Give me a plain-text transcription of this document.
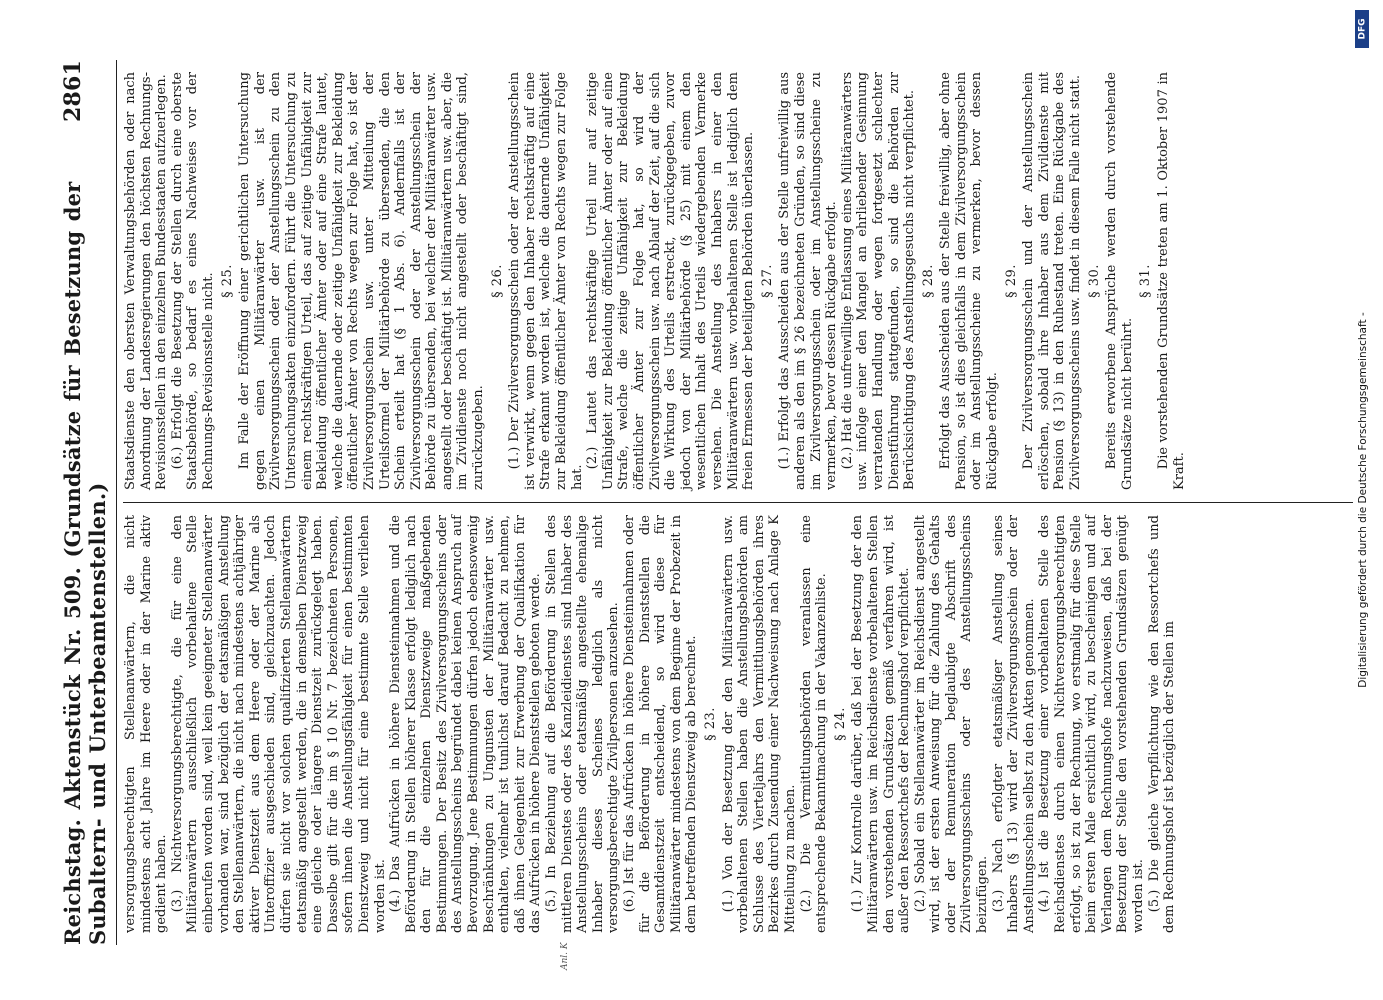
Reichstag. Aktenstück Nr. 509. (Grundsätze für Besetzung der Subaltern- und Unterbeamtenstellen.)
2861

versorgungsberechtigten Stellenanwärtern, die nicht mindestens acht Jahre im Heere oder in der Marine aktiv gedient haben. (3.) Nichtversorgungsberechtigte, die für eine den Militäranwärtern ausschließlich vorbehaltene Stelle einberufen worden sind, weil kein geeigneter Stellenanwärter vorhanden war, sind bezüglich der etatsmäßigen Anstellung den Stellenanwärtern, die nicht nach mindestens achtjähriger aktiver Dienstzeit aus dem Heere oder der Marine als Unteroffizier ausgeschieden sind, gleichzuachten. Jedoch dürfen sie nicht vor solchen qualifizierten Stellenanwärtern etatsmäßig angestellt werden, die in demselben Dienstzweig eine gleiche oder längere Dienstzeit zurückgelegt haben. Dasselbe gilt für die im § 10 Nr. 7 bezeichneten Personen, sofern ihnen die Anstellungsfähigkeit für einen bestimmten Dienstzweig und nicht für eine bestimmte Stelle verliehen worden ist. (4.) Das Aufrücken in höhere Diensteinnahmen und die Beförderung in Stellen höherer Klasse erfolgt lediglich nach den für die einzelnen Dienstzweige maßgebenden Bestimmungen. Der Besitz des Zivilversorgungsscheins oder des Anstellungsscheins begründet dabei keinen Anspruch auf Bevorzugung. Jene Bestimmungen dürfen jedoch ebensowenig Beschränkungen zu Ungunsten der Militäranwärter usw. enthalten, vielmehr ist tunlichst darauf Bedacht zu nehmen, daß ihnen Gelegenheit zur Erwerbung der Qualifikation für das Aufrücken in höhere Dienststellen geboten werde. (5.) In Beziehung auf die Beförderung in Stellen des mittleren Dienstes oder des Kanzleidienstes sind Inhaber des Anstellungsscheins oder etatsmäßig angestellte ehemalige Inhaber dieses Scheines lediglich als nicht versorgungsberechtigte Zivilpersonen anzusehen. (6.) Ist für das Aufrücken in höhere Diensteinnahmen oder für die Beförderung in höhere Dienststellen die Gesamtdienstzeit entscheidend, so wird diese für Militäranwärter mindestens von dem Beginne der Probezeit in dem betreffenden Dienstzweig ab berechnet. § 23. (1.) Von der Besetzung der den Militäranwärtern usw. vorbehaltenen Stellen haben die Anstellungsbehörden am Schlusse des Vierteljahrs den Vermittlungsbehörden ihres Bezirkes durch Zusendung einer Nachweisung nach Anlage K Mitteilung zu machen. (2.) Die Vermittlungsbehörden veranlassen eine entsprechende Bekanntmachung in der Vakanzenliste. § 24. (1.) Zur Kontrolle darüber, daß bei der Besetzung der den Militäranwärtern usw. im Reichsdienste vorbehaltenen Stellen den vorstehenden Grundsätzen gemäß verfahren wird, ist außer den Ressortchefs der Rechnungshof verpflichtet. (2.) Sobald ein Stellenanwärter im Reichsdienst angestellt wird, ist der ersten Anweisung für die Zahlung des Gehalts oder der Remuneration beglaubigte Abschrift des Zivilversorgungsscheins oder des Anstellungsscheins beizufügen. (3.) Nach erfolgter etatsmäßiger Anstellung seines Inhabers (§ 13) wird der Zivilversorgungsschein oder der Anstellungsschein selbst zu den Akten genommen. (4.) Ist die Besetzung einer vorbehaltenen Stelle des Reichsdienstes durch einen Nichtversorgungsberechtigten erfolgt, so ist zu der Rechnung, wo erstmalig für diese Stelle beim ersten Male ersichtlich wird, zu bescheinigen und auf Verlangen dem Rechnungshofe nachzuweisen, daß bei der Besetzung der Stelle den vorstehenden Grundsätzen genügt worden ist. (5.) Die gleiche Verpflichtung wie den Ressortchefs und dem Rechnungshof ist bezüglich der Stellen im

Staatsdienste den obersten Verwaltungsbehörden oder nach Anordnung der Landesregierungen den höchsten Rechnungs-Revisionsstellen in den einzelnen Bundesstaaten aufzuerlegen. (6.) Erfolgt die Besetzung der Stellen durch eine oberste Staatsbehörde, so bedarf es eines Nachweises vor der Rechnungs-Revisionsstelle nicht. § 25. Im Falle der Eröffnung einer gerichtlichen Untersuchung gegen einen Militäranwärter usw. ist der Zivilversorgungsschein oder der Anstellungsschein zu den Untersuchungsakten einzufordern. Führt die Untersuchung zu einem rechtskräftigen Urteil, das auf zeitige Unfähigkeit zur Bekleidung öffentlicher Ämter oder auf eine Strafe lautet, welche die dauernde oder zeitige Unfähigkeit zur Bekleidung öffentlicher Ämter von Rechts wegen zur Folge hat, so ist der Zivilversorgungsschein usw. unter Mitteilung der Urteilsformel der Militärbehörde zu übersenden, die den Schein erteilt hat (§ 1 Abs. 6). Andernfalls ist der Zivilversorgungsschein oder der Anstellungsschein der Behörde zu übersenden, bei welcher der Militäranwärter usw. angestellt oder beschäftigt ist. Militäranwärtern usw. aber, die im Zivildienste noch nicht angestellt oder beschäftigt sind, zurückzugeben.

§ 26. (1.) Der Zivilversorgungsschein oder der Anstellungsschein ist verwirkt, wenn gegen den Inhaber rechtskräftig auf eine Strafe erkannt worden ist, welche die dauernde Unfähigkeit zur Bekleidung öffentlicher Ämter von Rechts wegen zur Folge hat.

(2.) Lautet das rechtskräftige Urteil nur auf zeitige Unfähigkeit zur Bekleidung öffentlicher Ämter oder auf eine Strafe, welche die zeitige Unfähigkeit zur Bekleidung öffentlicher Ämter zur Folge hat, so wird der Zivilversorgungsschein usw. nach Ablauf der Zeit, auf die sich die Wirkung des Urteils erstreckt, zurückgegeben, zuvor jedoch von der Militärbehörde (§ 25) mit einem den wesentlichen Inhalt des Urteils wiedergebenden Vermerke versehen. Die Anstellung des Inhabers in einer den Militäranwärtern usw. vorbehaltenen Stelle ist lediglich dem freien Ermessen der beteiligten Behörden überlassen. § 27. (1.) Erfolgt das Ausscheiden aus der Stelle unfreiwillig aus anderen als den im § 26 bezeichneten Gründen, so sind diese im Zivilversorgungsschein oder im Anstellungsscheine zu vermerken, bevor dessen Rückgabe erfolgt. (2.) Hat die unfreiwillige Entlassung eines Militäranwärters usw. infolge einer den Mangel an ehrliebender Gesinnung verratenden Handlung oder wegen fortgesetzt schlechter Dienstführung stattgefunden, so sind die Behörden zur Berücksichtigung des Anstellungsgesuchs nicht verpflichtet. § 28. Erfolgt das Ausscheiden aus der Stelle freiwillig, aber ohne Pension, so ist dies gleichfalls in dem Zivilversorgungsschein oder im Anstellungsscheine zu vermerken, bevor dessen Rückgabe erfolgt.

§ 29. Der Zivilversorgungsschein und der Anstellungsschein erlöschen, sobald ihre Inhaber aus dem Zivildienste mit Pension (§ 13) in den Ruhestand treten. Eine Rückgabe des Zivilversorgungsscheins usw. findet in diesem Falle nicht statt. § 30. Bereits erworbene Ansprüche werden durch vorstehende Grundsätze nicht berührt.

§ 31. Die vorstehenden Grundsätze treten am 1. Oktober 1907 in Kraft.

Anl. K
Digitalisierung gefördert durch die Deutsche Forschungsgemeinschaft -
DFG
